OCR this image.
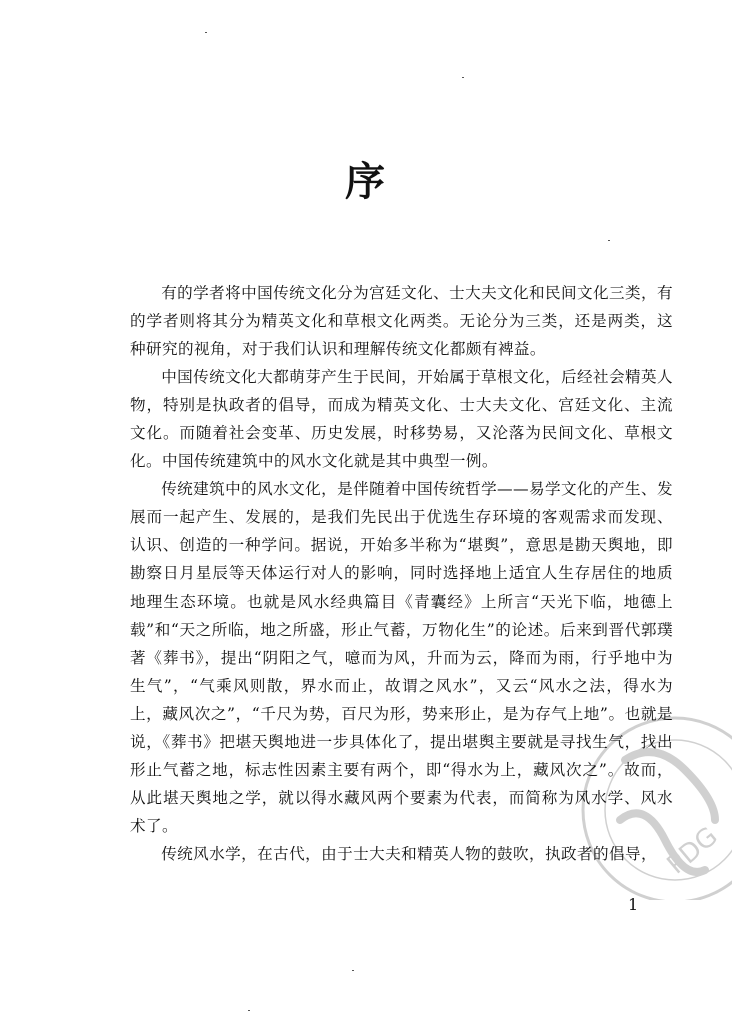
序

有的学者将中国传统文化分为宫廷文化、士大夫文化和民间文化三类，有的学者则将其分为精英文化和草根文化两类。无论分为三类，还是两类，这种研究的视角，对于我们认识和理解传统文化都颇有裨益。

中国传统文化大都萌芽产生于民间，开始属于草根文化，后经社会精英人物，特别是执政者的倡导，而成为精英文化、士大夫文化、宫廷文化、主流文化。而随着社会变革、历史发展，时移势易，又沦落为民间文化、草根文化。中国传统建筑中的风水文化就是其中典型一例。

传统建筑中的风水文化，是伴随着中国传统哲学——易学文化的产生、发展而一起产生、发展的，是我们先民出于优选生存环境的客观需求而发现、认识、创造的一种学问。据说，开始多半称为“堪舆”，意思是勘天舆地，即勘察日月星辰等天体运行对人的影响，同时选择地上适宜人生存居住的地质地理生态环境。也就是风水经典篇目《青囊经》上所言“天光下临，地德上载”和“天之所临，地之所盛，形止气蓄，万物化生”的论述。后来到晋代郭璞著《葬书》，提出“阴阳之气，噫而为风，升而为云，降而为雨，行乎地中为生气”，“气乘风则散，界水而止，故谓之风水”，又云“风水之法，得水为上，藏风次之”，“千尺为势，百尺为形，势来形止，是为存气上地”。也就是说，《葬书》把堪天舆地进一步具体化了，提出堪舆主要就是寻找生气，找出形止气蓄之地，标志性因素主要有两个，即“得水为上，藏风次之”。故而，从此堪天舆地之学，就以得水藏风两个要素为代表，而简称为风水学、风水术了。

传统风水学，在古代，由于士大夫和精英人物的鼓吹，执政者的倡导，

1
PDG
